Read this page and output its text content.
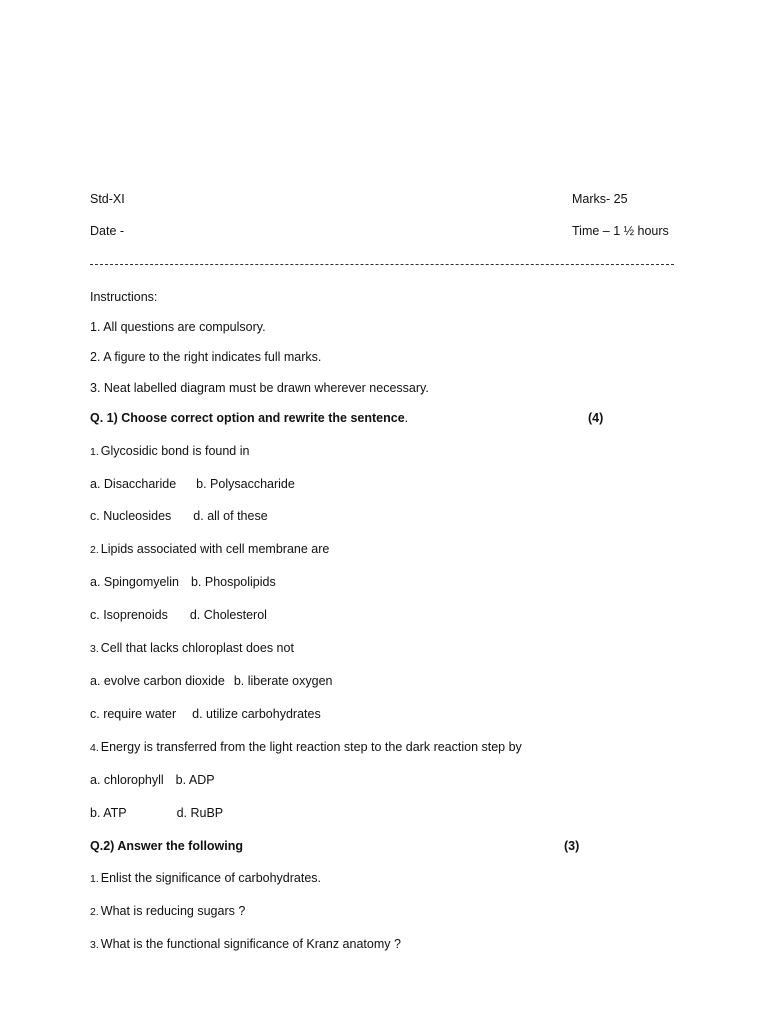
Std-XI	Marks- 25
Date -	Time – 1 ½ hours
Instructions:
1. All questions are compulsory.
2. A figure to the right indicates full marks.
3. Neat labelled diagram must be drawn wherever necessary.
Q. 1) Choose correct option and rewrite the sentence.	(4)
1. Glycosidic bond is found in
a. Disaccharide b. Polysaccharide
c. Nucleosides d. all of these
2. Lipids associated with cell membrane are
a. Spingomyelin b. Phospolipids
c. Isoprenoids d. Cholesterol
3. Cell that lacks chloroplast does not
a. evolve carbon dioxide b. liberate oxygen
c. require water d. utilize carbohydrates
4. Energy is transferred from the light reaction step to the dark reaction step by
a. chlorophyll b. ADP
b. ATP	d. RuBP
Q.2) Answer the following	(3)
1. Enlist the significance of carbohydrates.
2. What is reducing sugars ?
3. What is the functional significance of Kranz anatomy ?
